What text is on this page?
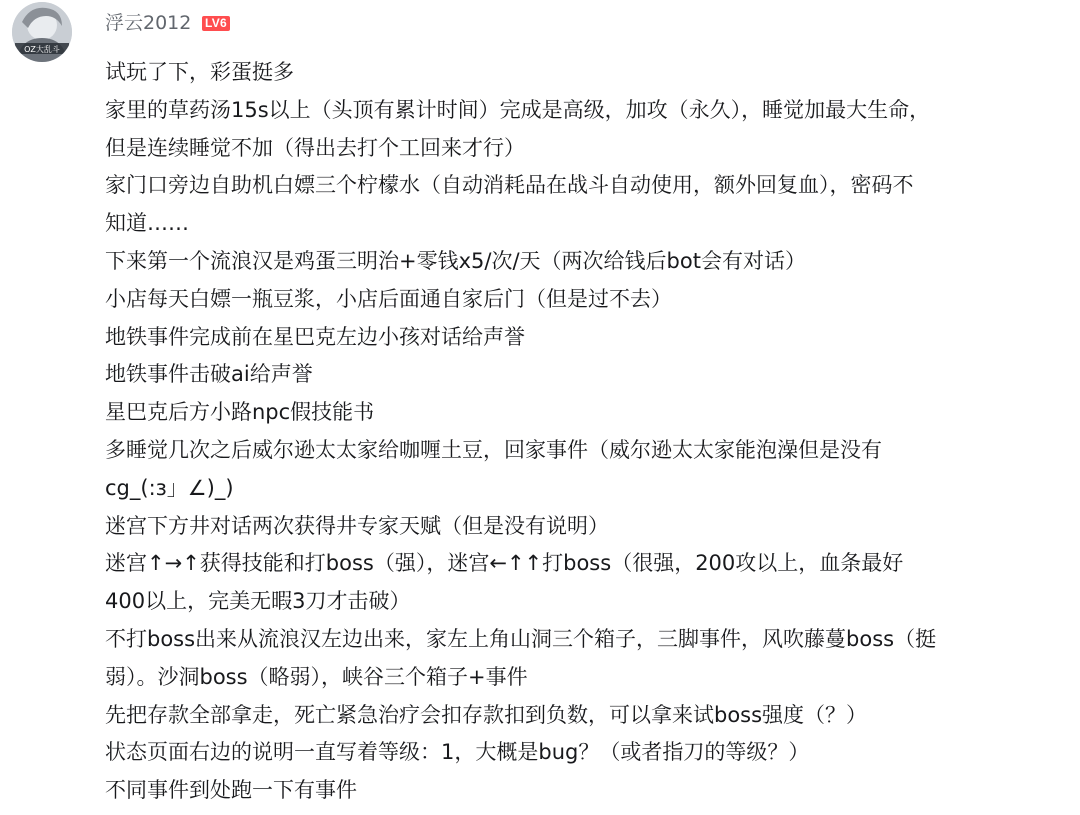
OZ大乱斗
浮云2012 LV6
试玩了下，彩蛋挺多
家里的草药汤15s以上（头顶有累计时间）完成是高级，加攻（永久），睡觉加最大生命，
但是连续睡觉不加（得出去打个工回来才行）
家门口旁边自助机白嫖三个柠檬水（自动消耗品在战斗自动使用，额外回复血），密码不
知道……
下来第一个流浪汉是鸡蛋三明治+零钱x5/次/天（两次给钱后bot会有对话）
小店每天白嫖一瓶豆浆，小店后面通自家后门（但是过不去）
地铁事件完成前在星巴克左边小孩对话给声誉
地铁事件击破ai给声誉
星巴克后方小路npc假技能书
多睡觉几次之后威尔逊太太家给咖喱土豆，回家事件（威尔逊太太家能泡澡但是没有
cg_(:з」∠)_)
迷宫下方井对话两次获得井专家天赋（但是没有说明）
迷宫↑→↑获得技能和打boss（强），迷宫←↑↑打boss（很强，200攻以上，血条最好
400以上，完美无暇3刀才击破）
不打boss出来从流浪汉左边出来，家左上角山洞三个箱子，三脚事件，风吹藤蔓boss（挺
弱）。沙洞boss（略弱），峡谷三个箱子+事件
先把存款全部拿走，死亡紧急治疗会扣存款扣到负数，可以拿来试boss强度（？）
状态页面右边的说明一直写着等级：1，大概是bug？（或者指刀的等级？）
不同事件到处跑一下有事件
